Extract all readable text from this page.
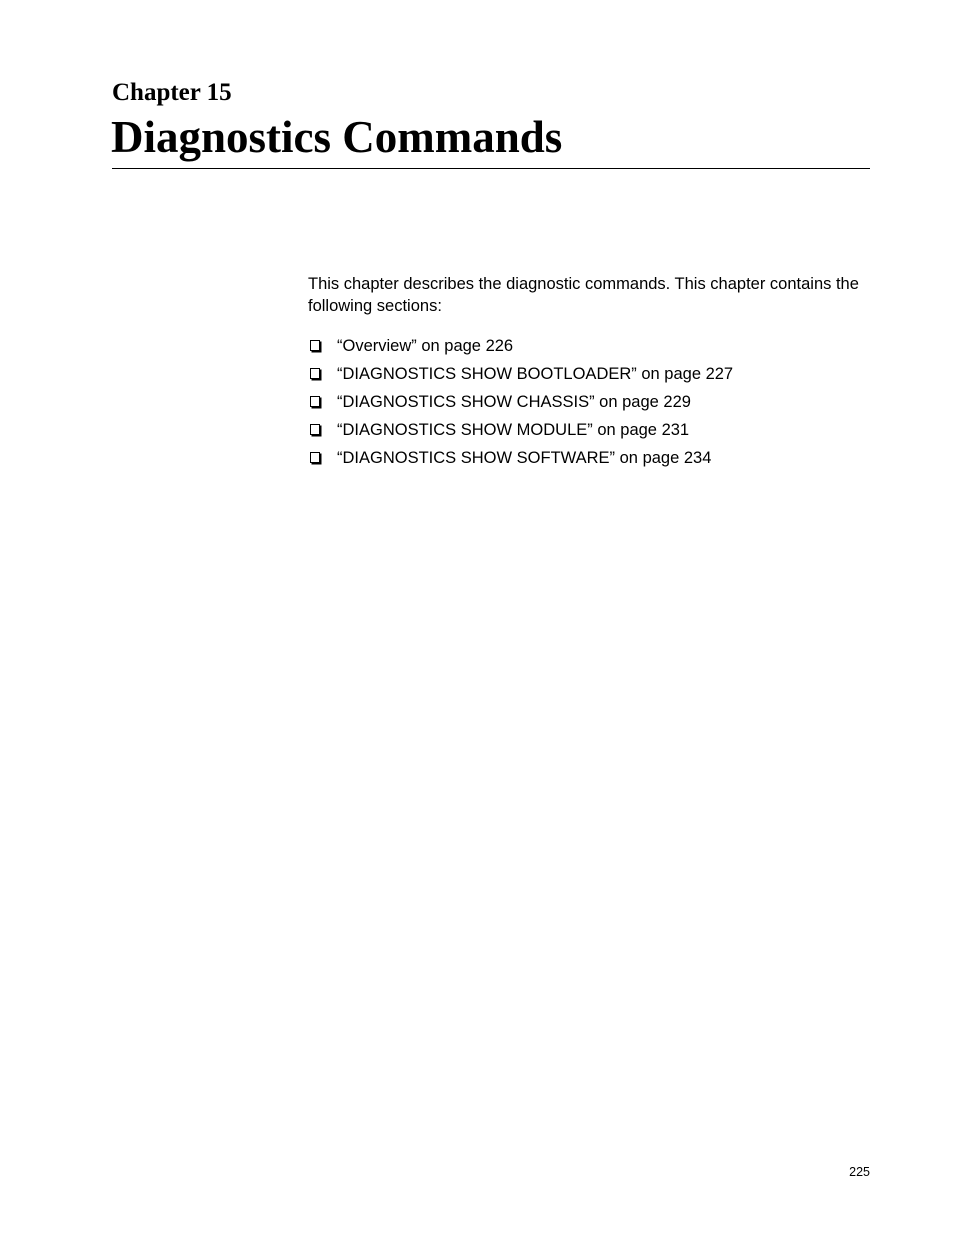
Chapter 15
Diagnostics Commands

This chapter describes the diagnostic commands. This chapter contains the following sections:

“Overview” on page 226
“DIAGNOSTICS SHOW BOOTLOADER” on page 227
“DIAGNOSTICS SHOW CHASSIS” on page 229
“DIAGNOSTICS SHOW MODULE” on page 231
“DIAGNOSTICS SHOW SOFTWARE” on page 234
225
